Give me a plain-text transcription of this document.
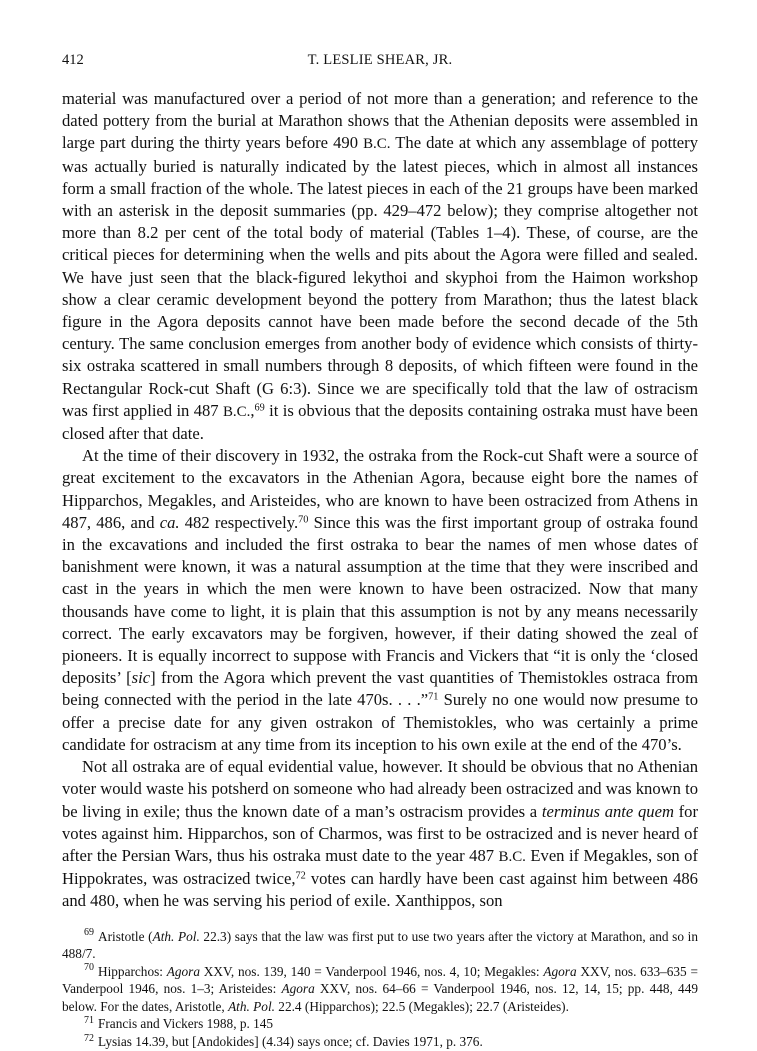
412	T. LESLIE SHEAR, JR.

material was manufactured over a period of not more than a generation; and reference to the dated pottery from the burial at Marathon shows that the Athenian deposits were assembled in large part during the thirty years before 490 B.C. The date at which any assemblage of pottery was actually buried is naturally indicated by the latest pieces, which in almost all instances form a small fraction of the whole. The latest pieces in each of the 21 groups have been marked with an asterisk in the deposit summaries (pp. 429–472 below); they comprise altogether not more than 8.2 per cent of the total body of material (Tables 1–4). These, of course, are the critical pieces for determining when the wells and pits about the Agora were filled and sealed. We have just seen that the black-figured lekythoi and skyphoi from the Haimon workshop show a clear ceramic development beyond the pottery from Marathon; thus the latest black figure in the Agora deposits cannot have been made before the second decade of the 5th century. The same conclusion emerges from another body of evidence which consists of thirty-six ostraka scattered in small numbers through 8 deposits, of which fifteen were found in the Rectangular Rock-cut Shaft (G 6:3). Since we are specifically told that the law of ostracism was first applied in 487 B.C.,$^{69}$ it is obvious that the deposits containing ostraka must have been closed after that date.

At the time of their discovery in 1932, the ostraka from the Rock-cut Shaft were a source of great excitement to the excavators in the Athenian Agora, because eight bore the names of Hipparchos, Megakles, and Aristeides, who are known to have been ostracized from Athens in 487, 486, and ca. 482 respectively.$^{70}$ Since this was the first important group of ostraka found in the excavations and included the first ostraka to bear the names of men whose dates of banishment were known, it was a natural assumption at the time that they were inscribed and cast in the years in which the men were known to have been ostracized. Now that many thousands have come to light, it is plain that this assumption is not by any means necessarily correct. The early excavators may be forgiven, however, if their dating showed the zeal of pioneers. It is equally incorrect to suppose with Francis and Vickers that “it is only the ‘closed deposits’ [sic] from the Agora which prevent the vast quantities of Themistokles ostraca from being connected with the period in the late 470s. . . .”$^{71}$ Surely no one would now presume to offer a precise date for any given ostrakon of Themistokles, who was certainly a prime candidate for ostracism at any time from its inception to his own exile at the end of the 470’s.

Not all ostraka are of equal evidential value, however. It should be obvious that no Athenian voter would waste his potsherd on someone who had already been ostracized and was known to be living in exile; thus the known date of a man’s ostracism provides a terminus ante quem for votes against him. Hipparchos, son of Charmos, was first to be ostracized and is never heard of after the Persian Wars, thus his ostraka must date to the year 487 B.C. Even if Megakles, son of Hippokrates, was ostracized twice,$^{72}$ votes can hardly have been cast against him between 486 and 480, when he was serving his period of exile. Xanthippos, son

$^{69}$ Aristotle (Ath. Pol. 22.3) says that the law was first put to use two years after the victory at Marathon, and so in 488/7.

$^{70}$ Hipparchos: Agora XXV, nos. 139, 140 = Vanderpool 1946, nos. 4, 10; Megakles: Agora XXV, nos. 633–635 = Vanderpool 1946, nos. 1–3; Aristeides: Agora XXV, nos. 64–66 = Vanderpool 1946, nos. 12, 14, 15; pp. 448, 449 below. For the dates, Aristotle, Ath. Pol. 22.4 (Hipparchos); 22.5 (Megakles); 22.7 (Aristeides).

$^{71}$ Francis and Vickers 1988, p. 145

$^{72}$ Lysias 14.39, but [Andokides] (4.34) says once; cf. Davies 1971, p. 376.
